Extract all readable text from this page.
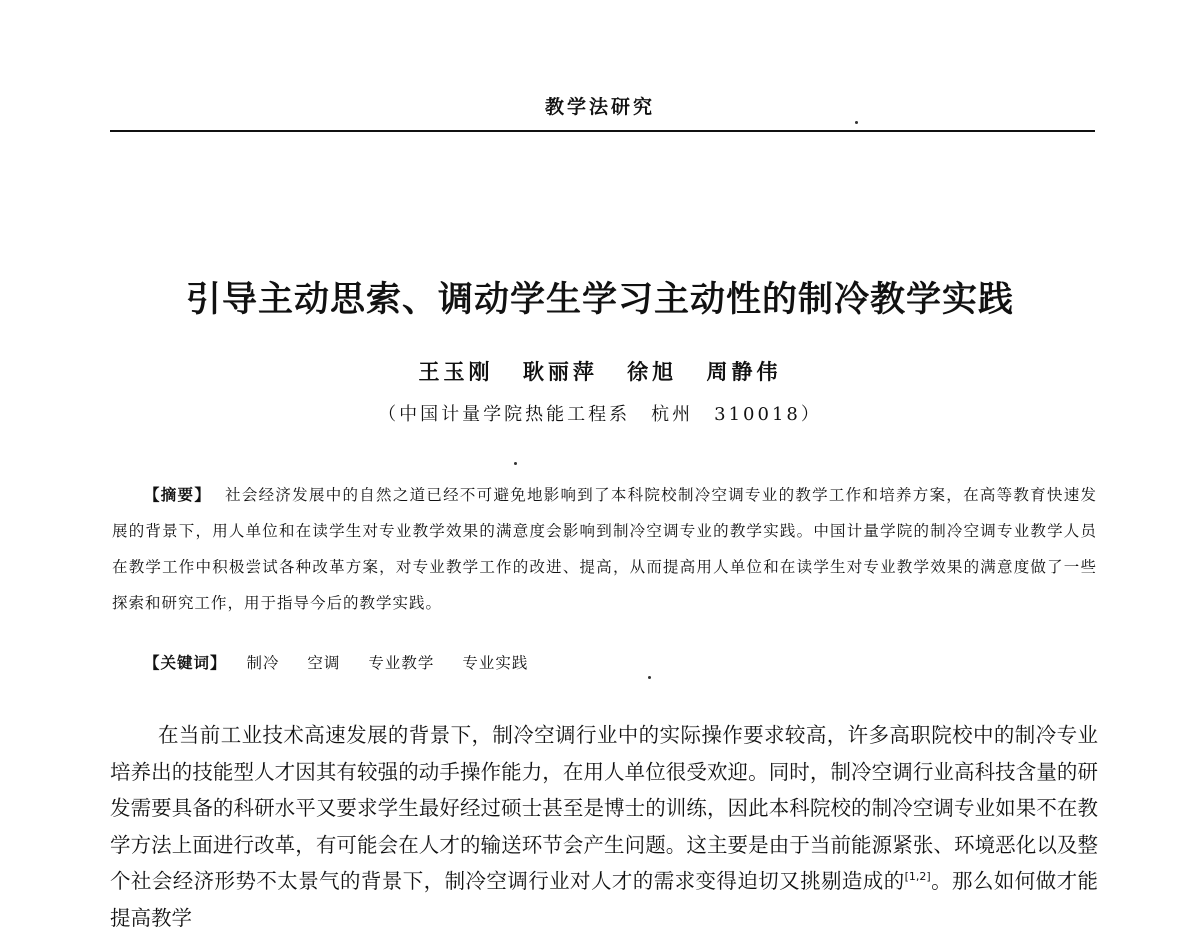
教学法研究
引导主动思索、调动学生学习主动性的制冷教学实践
王玉刚 耿丽萍 徐旭 周静伟
（中国计量学院热能工程系　杭州　310018）
【摘要】 社会经济发展中的自然之道已经不可避免地影响到了本科院校制冷空调专业的教学工作和培养方案，在高等教育快速发展的背景下，用人单位和在读学生对专业教学效果的满意度会影响到制冷空调专业的教学实践。中国计量学院的制冷空调专业教学人员在教学工作中积极尝试各种改革方案，对专业教学工作的改进、提高，从而提高用人单位和在读学生对专业教学效果的满意度做了一些探索和研究工作，用于指导今后的教学实践。
【关键词】 制冷 空调 专业教学 专业实践
在当前工业技术高速发展的背景下，制冷空调行业中的实际操作要求较高，许多高职院校中的制冷专业培养出的技能型人才因其有较强的动手操作能力，在用人单位很受欢迎。同时，制冷空调行业高科技含量的研发需要具备的科研水平又要求学生最好经过硕士甚至是博士的训练，因此本科院校的制冷空调专业如果不在教学方法上面进行改革，有可能会在人才的输送环节会产生问题。这主要是由于当前能源紧张、环境恶化以及整个社会经济形势不太景气的背景下，制冷空调行业对人才的需求变得迫切又挑剔造成的[1,2]。那么如何做才能提高教学
